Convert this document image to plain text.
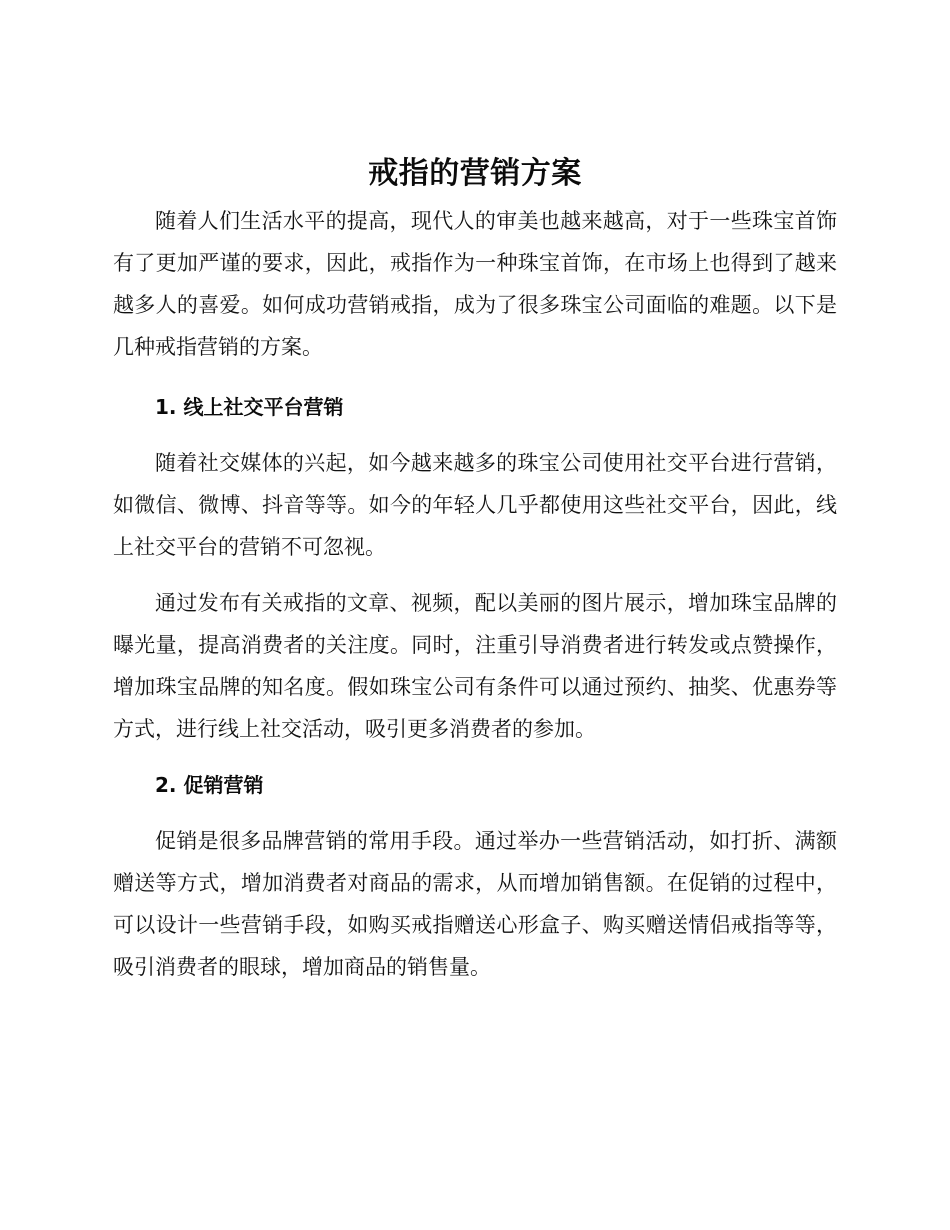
戒指的营销方案

随着人们生活水平的提高，现代人的审美也越来越高，对于一些珠宝首饰有了更加严谨的要求，因此，戒指作为一种珠宝首饰，在市场上也得到了越来越多人的喜爱。如何成功营销戒指，成为了很多珠宝公司面临的难题。以下是几种戒指营销的方案。

1. 线上社交平台营销

随着社交媒体的兴起，如今越来越多的珠宝公司使用社交平台进行营销，如微信、微博、抖音等等。如今的年轻人几乎都使用这些社交平台，因此，线上社交平台的营销不可忽视。

通过发布有关戒指的文章、视频，配以美丽的图片展示，增加珠宝品牌的曝光量，提高消费者的关注度。同时，注重引导消费者进行转发或点赞操作，增加珠宝品牌的知名度。假如珠宝公司有条件可以通过预约、抽奖、优惠券等方式，进行线上社交活动，吸引更多消费者的参加。

2. 促销营销

促销是很多品牌营销的常用手段。通过举办一些营销活动，如打折、满额赠送等方式，增加消费者对商品的需求，从而增加销售额。在促销的过程中，可以设计一些营销手段，如购买戒指赠送心形盒子、购买赠送情侣戒指等等，吸引消费者的眼球，增加商品的销售量。
